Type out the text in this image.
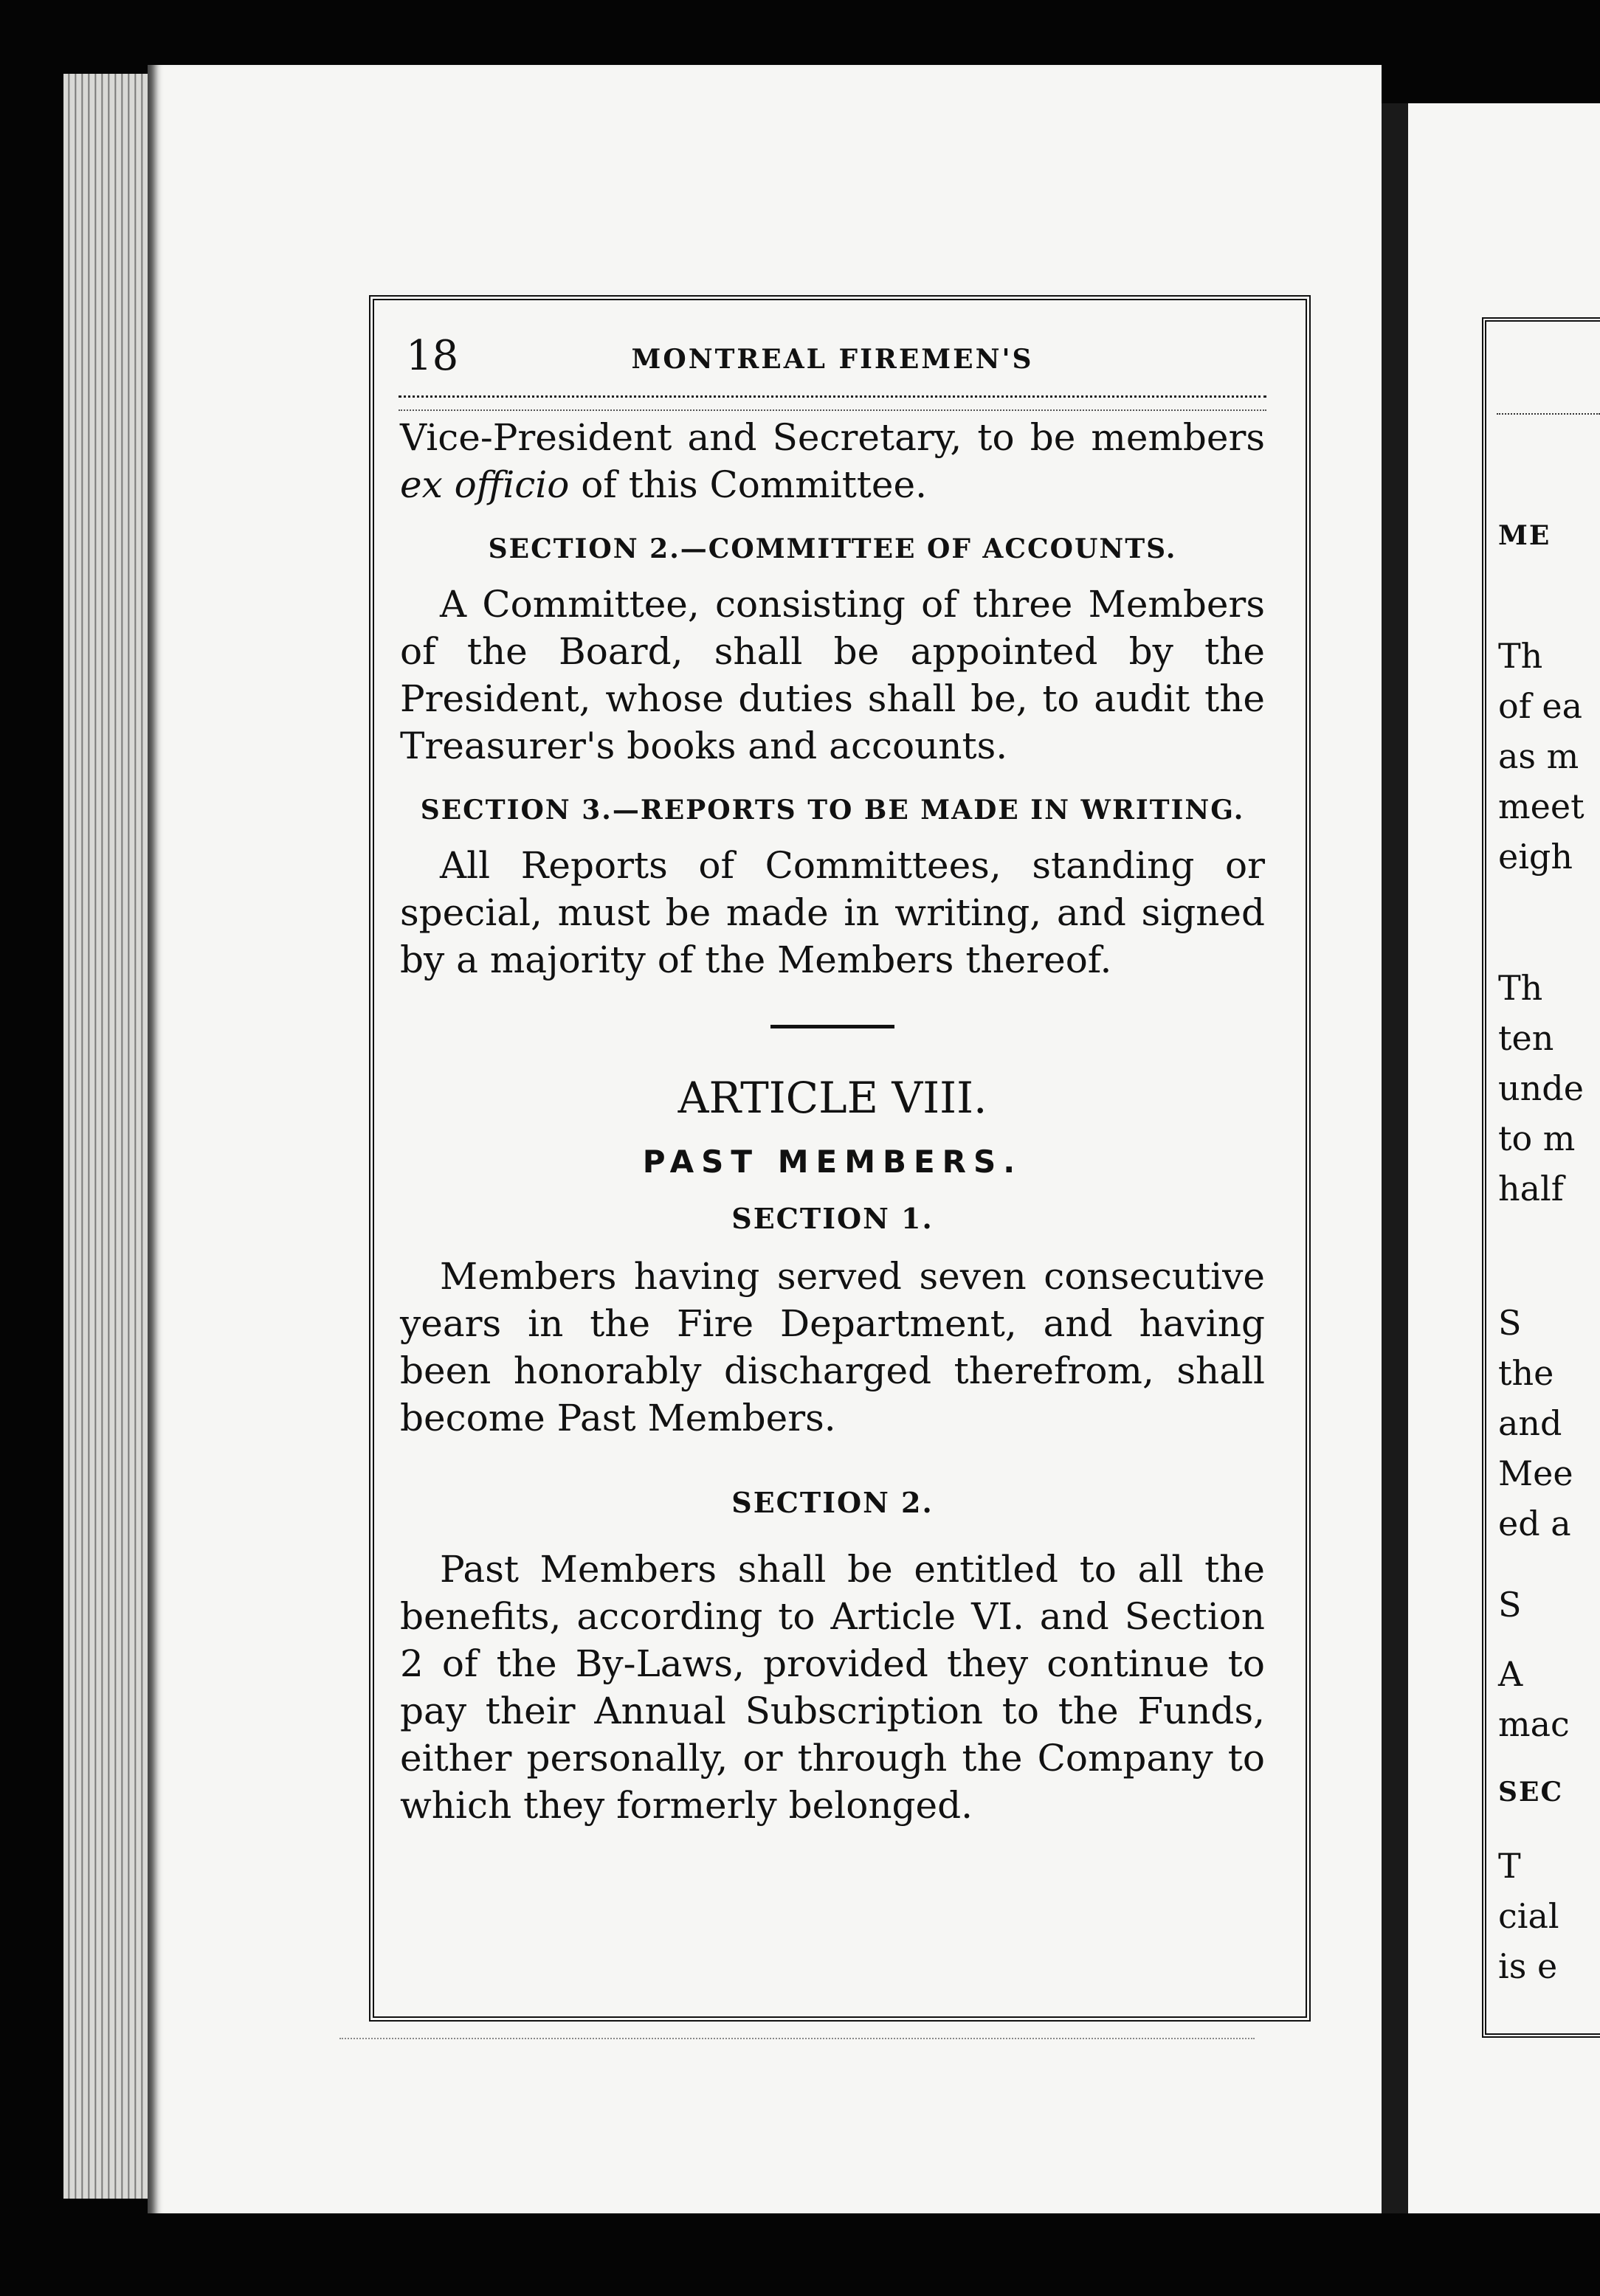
ME
Th
of ea
as m
meet
eigh
Th
ten
unde
to m
half
S
the
and
Mee
ed a
S
A
mac
SEC
T
cial
is e
18	MONTREAL FIREMEN'S

Vice-President and Secretary, to be members ex officio of this Committee.

SECTION 2.—COMMITTEE OF ACCOUNTS.

A Committee, consisting of three Members of the Board, shall be appointed by the President, whose duties shall be, to audit the Treasurer's books and accounts.

SECTION 3.—REPORTS TO BE MADE IN WRITING.

All Reports of Committees, standing or special, must be made in writing, and signed by a majority of the Members thereof.

ARTICLE VIII.
PAST MEMBERS.
SECTION 1.

Members having served seven consecutive years in the Fire Department, and having been honorably discharged therefrom, shall become Past Members.

SECTION 2.

Past Members shall be entitled to all the benefits, according to Article VI. and Section 2 of the By-Laws, provided they continue to pay their Annual Subscription to the Funds, either personally, or through the Company to which they formerly belonged.
